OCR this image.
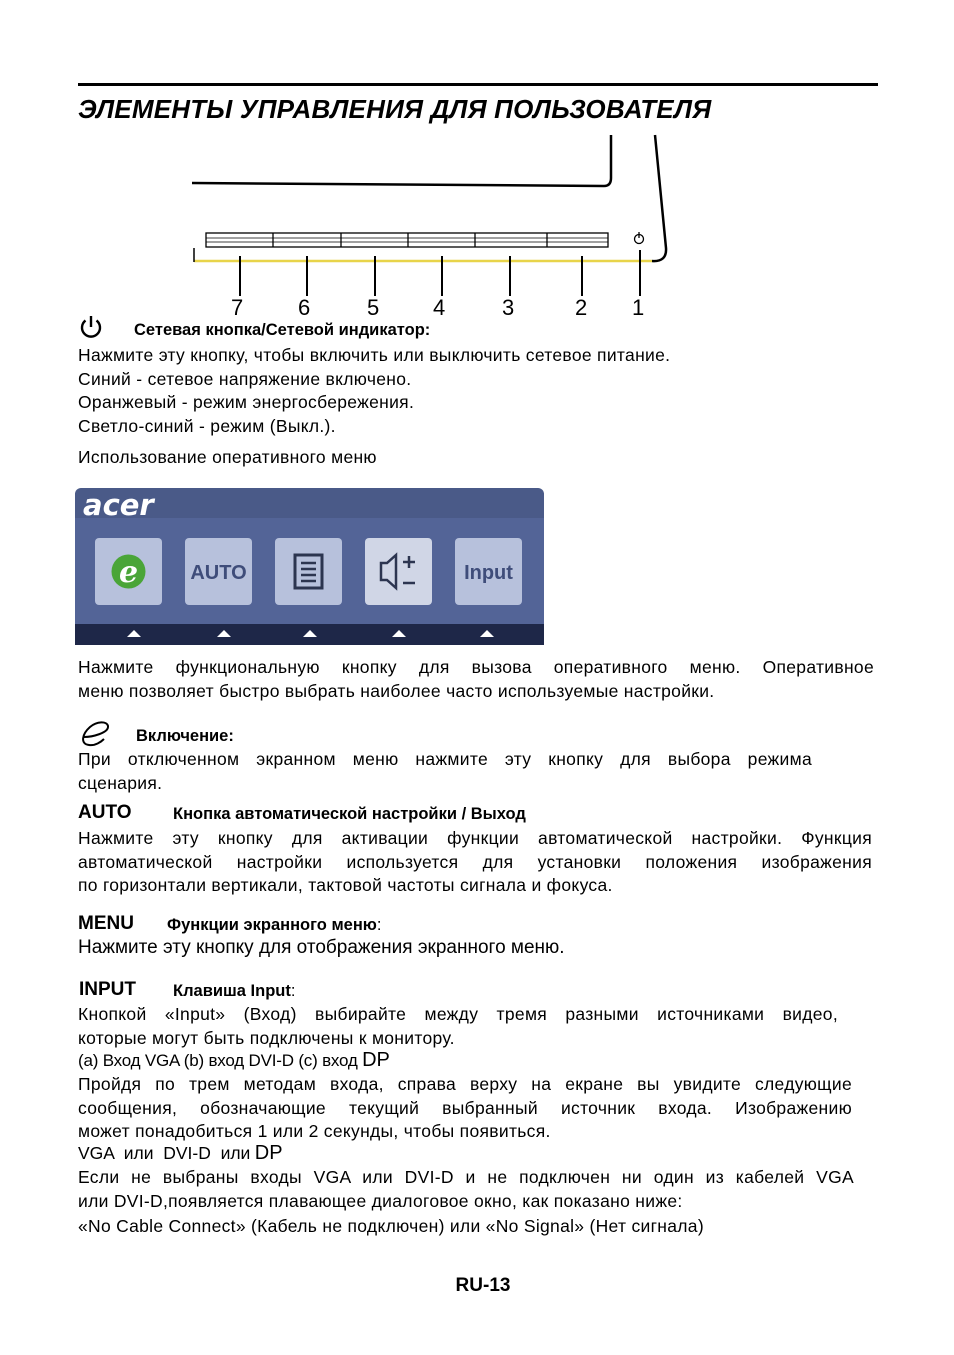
ЭЛЕМЕНТЫ УПРАВЛЕНИЯ ДЛЯ ПОЛЬЗОВАТЕЛЯ
7 6	5 4	3	2 1
Сетевая кнопка/Сетевой индикатор:

Нажмите эту кнопку, чтобы включить или выключить сетевое питание.

Синий - сетевое напряжение включено.

Оранжевый - режим энергосбережения.

Светло-синий - режим (Выкл.).

Использование оперативного меню
acer
e	AUTO	Input

Нажмите функциональную кнопку для вызова оперативного меню. Оперативное

меню позволяет быстро выбрать наиболее часто используемые настройки.

Включение:

При отключенном экранном меню нажмите эту кнопку для выбора режима

сценария.

AUTO	Кнопка автоматической настройки / Выход

Нажмите эту кнопку для активации функции автоматической настройки. Функция

автоматической настройки используется для установки положения изображения

по горизонтали вертикали, тактовой частоты сигнала и фокуса.

MENU Функции экранного меню:
Нажмите эту кнопку для отображения экранного меню.
INPUT Клавиша Input:

Кнопкой «Input» (Вход) выбирайте между тремя разными источниками видео,

которые могут быть подключены к монитору.

(a) Вход VGA (b) вход DVI-D (c) вход DP

Пройдя по трем методам входа, справа верху на екране вы увидите следующие

сообщения, обозначающие текущий выбранный источник входа. Изображению

может понадобиться 1 или 2 секунды, чтобы появиться.

VGA  или  DVI-D  или DP

Если не выбраны входы VGA или DVI-D и не подключен ни один из кабелей VGA

или DVI-D,появляется плавающее диалоговое окно, как показано ниже:

«No Cable Connect» (Кабель не подключен) или «No Signal» (Нет сигнала)
RU-13
